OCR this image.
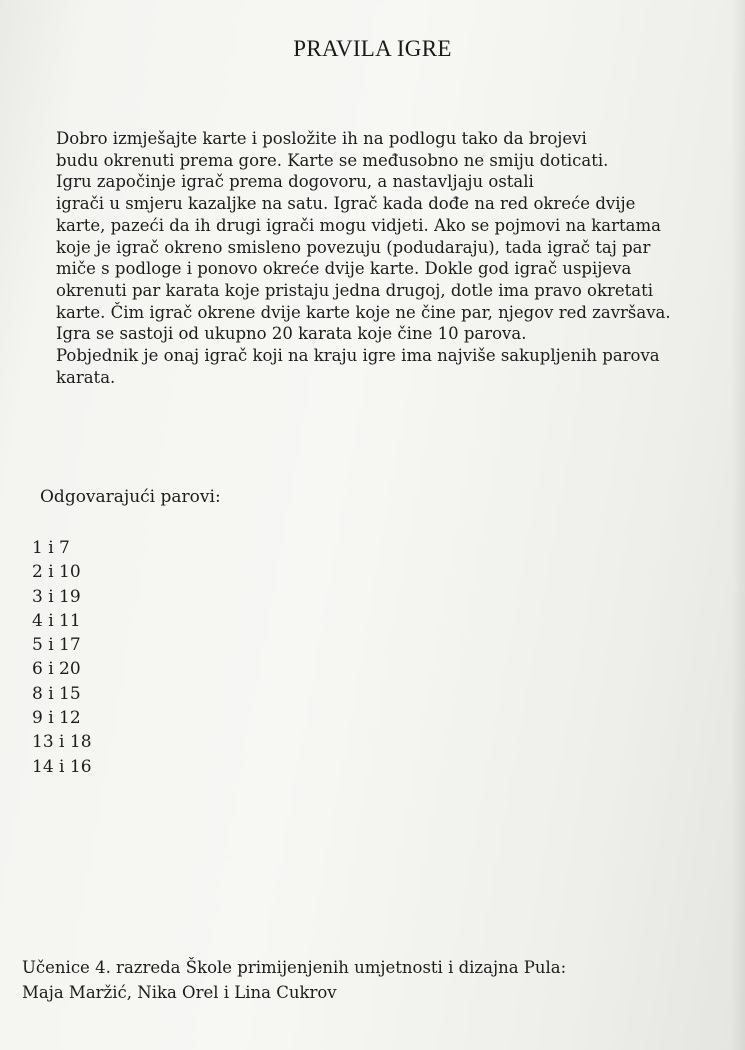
PRAVILA IGRE
Dobro izmješajte karte i posložite ih na podlogu tako da brojevi
budu okrenuti prema gore. Karte se međusobno ne smiju doticati.
Igru započinje igrač prema dogovoru, a nastavljaju ostali
igrači u smjeru kazaljke na satu. Igrač kada dođe na red okreće dvije
karte, pazeći da ih drugi igrači mogu vidjeti. Ako se pojmovi na kartama
koje je igrač okreno smisleno povezuju (podudaraju), tada igrač taj par
miče s podloge i ponovo okreće dvije karte. Dokle god igrač uspijeva
okrenuti par karata koje pristaju jedna drugoj, dotle ima pravo okretati
karte. Čim igrač okrene dvije karte koje ne čine par, njegov red završava.
Igra se sastoji od ukupno 20 karata koje čine 10 parova.
Pobjednik je onaj igrač koji na kraju igre ima najviše sakupljenih parova
karata.
Odgovarajući parovi:
1 i 7
2 i 10
3 i 19
4 i 11
5 i 17
6 i 20
8 i 15
9 i 12
13 i 18
14 i 16
Učenice 4. razreda Škole primijenjenih umjetnosti i dizajna Pula:
Maja Maržić, Nika Orel i Lina Cukrov
